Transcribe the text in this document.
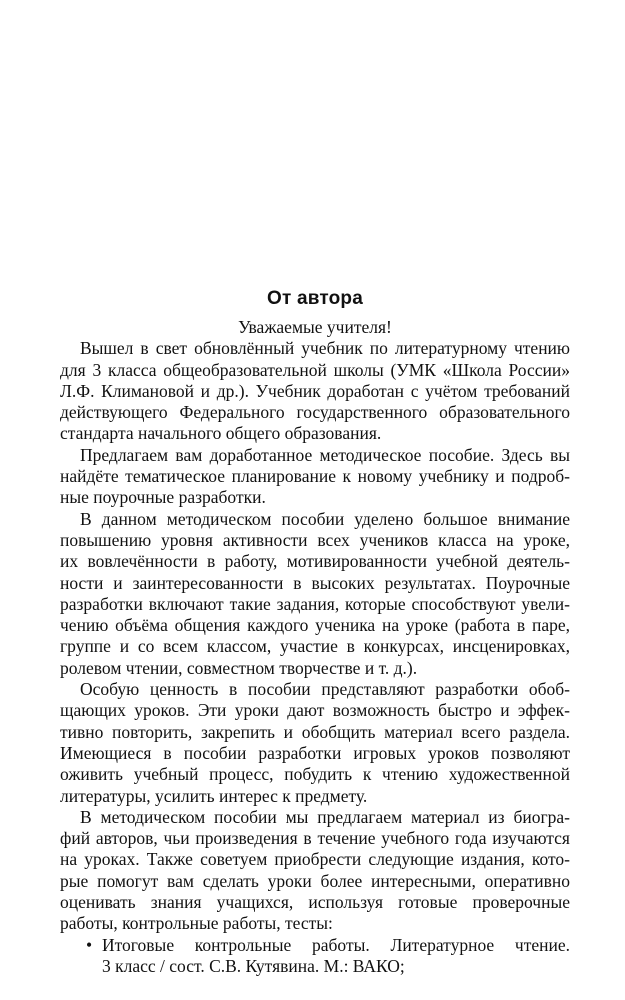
От автора

Уважаемые учителя!

Вышел в свет обновлённый учебник по литературному чтению
для 3 класса общеобразовательной школы (УМК «Школа России»
Л.Ф. Климановой и др.). Учебник доработан с учётом требований
действующего Федерального государственного образовательного
стандарта начального общего образования.

Предлагаем вам доработанное методическое пособие. Здесь вы
найдёте тематическое планирование к новому учебнику и подроб-
ные поурочные разработки.

В данном методическом пособии уделено большое внимание
повышению уровня активности всех учеников класса на уроке,
их вовлечённости в работу, мотивированности учебной деятель-
ности и заинтересованности в высоких результатах. Поурочные
разработки включают такие задания, которые способствуют увели-
чению объёма общения каждого ученика на уроке (работа в паре,
группе и со всем классом, участие в конкурсах, инсценировках,
ролевом чтении, совместном творчестве и т. д.).

Особую ценность в пособии представляют разработки обоб-
щающих уроков. Эти уроки дают возможность быстро и эффек-
тивно повторить, закрепить и обобщить материал всего раздела.
Имеющиеся в пособии разработки игровых уроков позволяют
оживить учебный процесс, побудить к чтению художественной
литературы, усилить интерес к предмету.

В методическом пособии мы предлагаем материал из биогра-
фий авторов, чьи произведения в течение учебного года изучаются
на уроках. Также советуем приобрести следующие издания, кото-
рые помогут вам сделать уроки более интересными, оперативно
оценивать знания учащихся, используя готовые проверочные
работы, контрольные работы, тесты:

• Итоговые контрольные работы. Литературное чтение.
3 класс / сост. С.В. Кутявина. М.: ВАКО;
